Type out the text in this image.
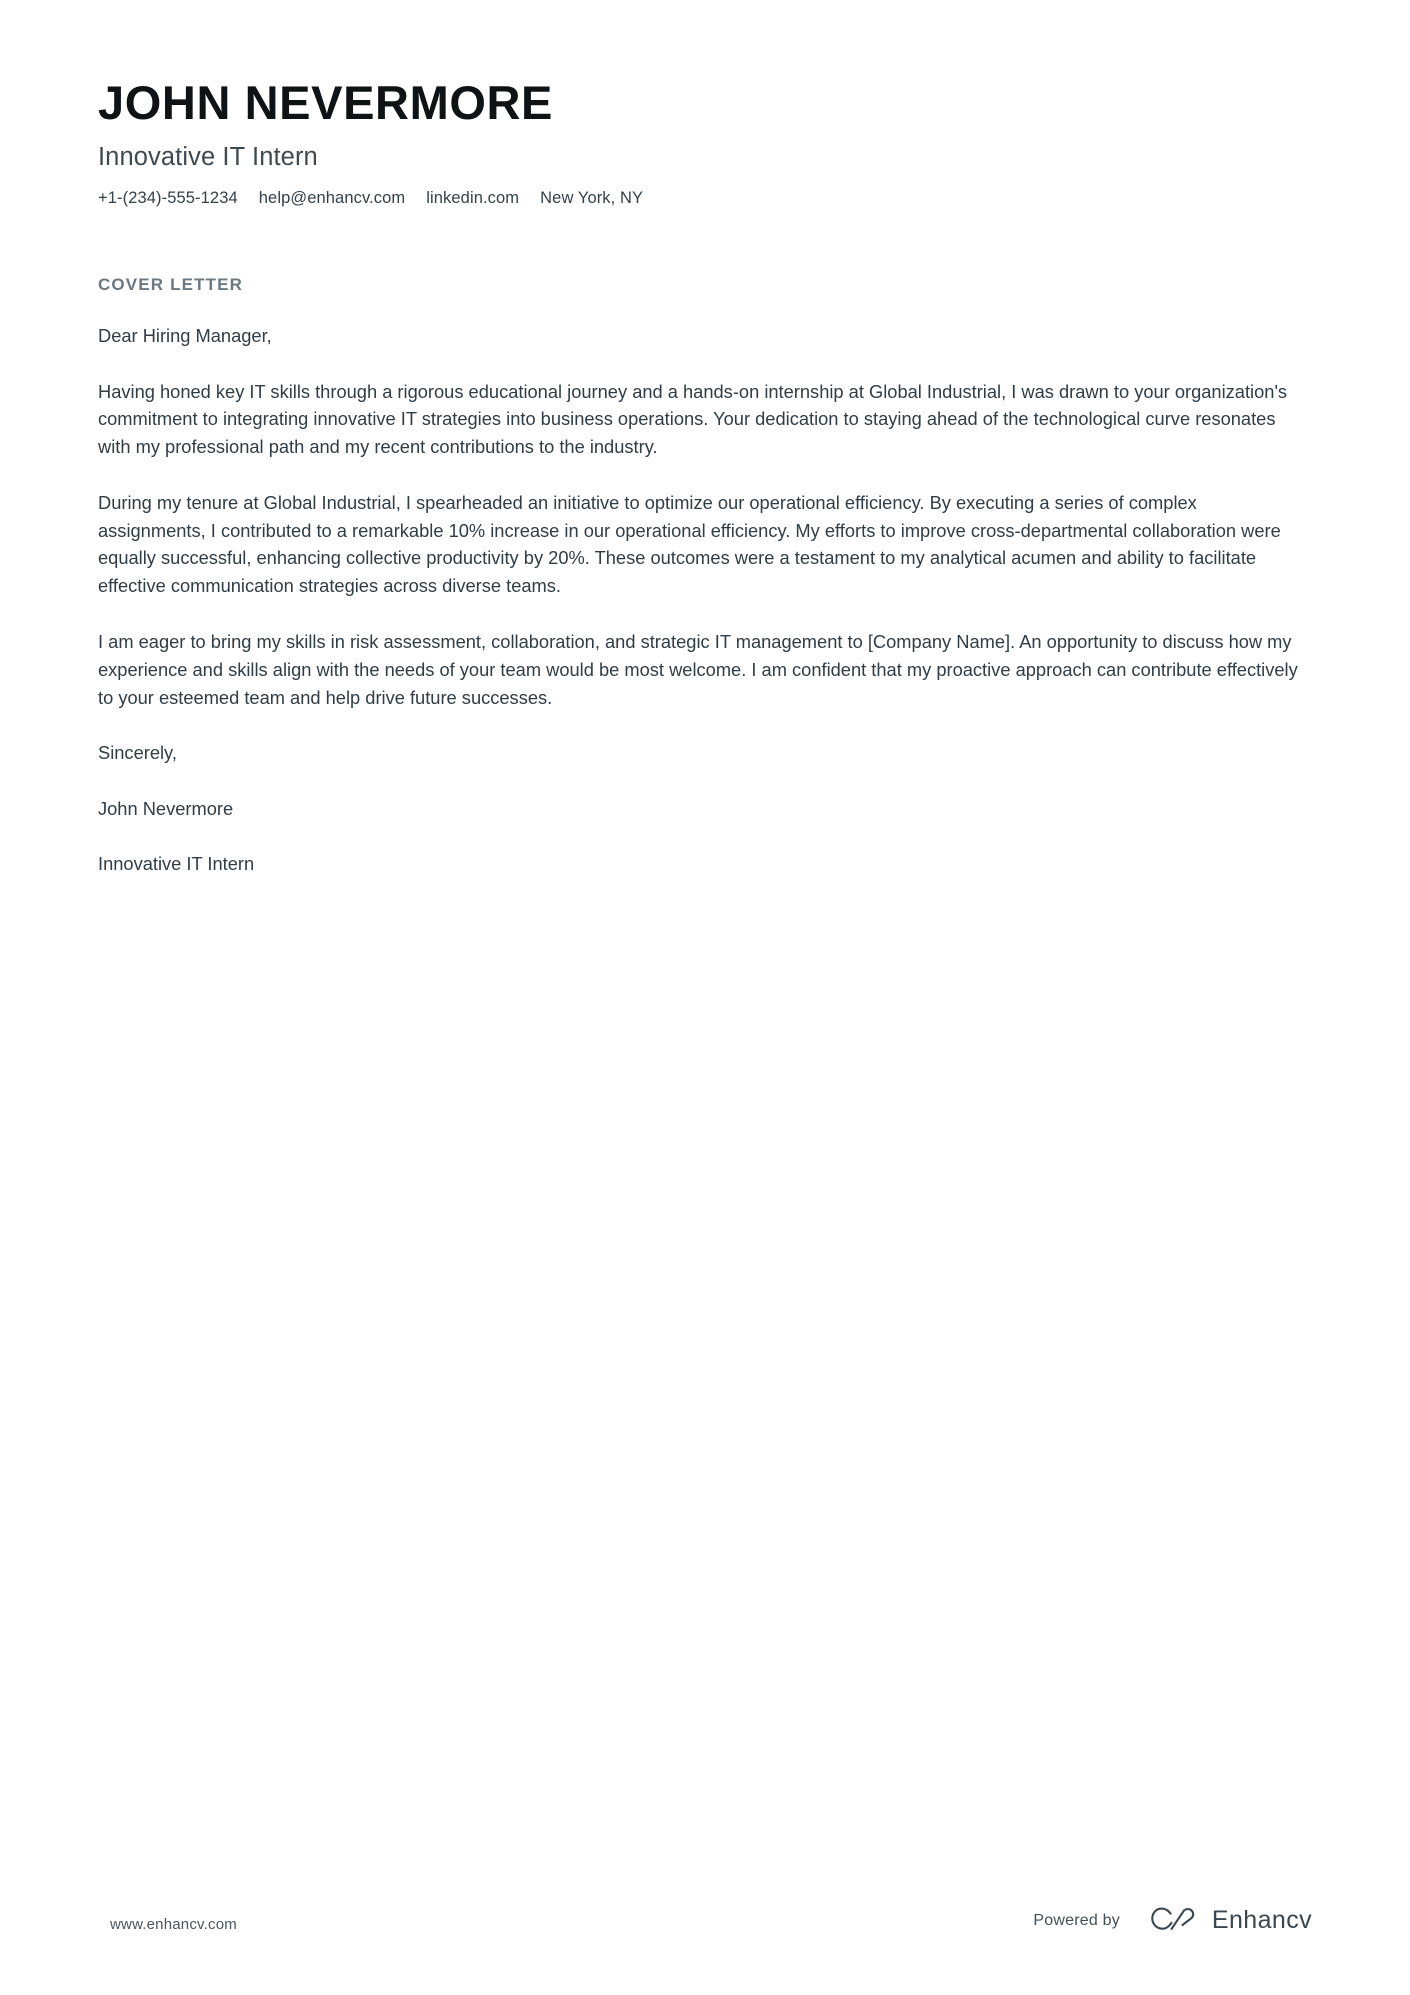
JOHN NEVERMORE
Innovative IT Intern
+1-(234)-555-1234 help@enhancv.com linkedin.com New York, NY
COVER LETTER

Dear Hiring Manager,

Having honed key IT skills through a rigorous educational journey and a hands-on internship at Global Industrial, I was drawn to your organization's commitment to integrating innovative IT strategies into business operations. Your dedication to staying ahead of the technological curve resonates with my professional path and my recent contributions to the industry.

During my tenure at Global Industrial, I spearheaded an initiative to optimize our operational efficiency. By executing a series of complex assignments, I contributed to a remarkable 10% increase in our operational efficiency. My efforts to improve cross-departmental collaboration were equally successful, enhancing collective productivity by 20%. These outcomes were a testament to my analytical acumen and ability to facilitate effective communication strategies across diverse teams.

I am eager to bring my skills in risk assessment, collaboration, and strategic IT management to [Company Name]. An opportunity to discuss how my experience and skills align with the needs of your team would be most welcome. I am confident that my proactive approach can contribute effectively to your esteemed team and help drive future successes.

Sincerely,

John Nevermore

Innovative IT Intern

www.enhancv.com	Powered by	Enhancv
